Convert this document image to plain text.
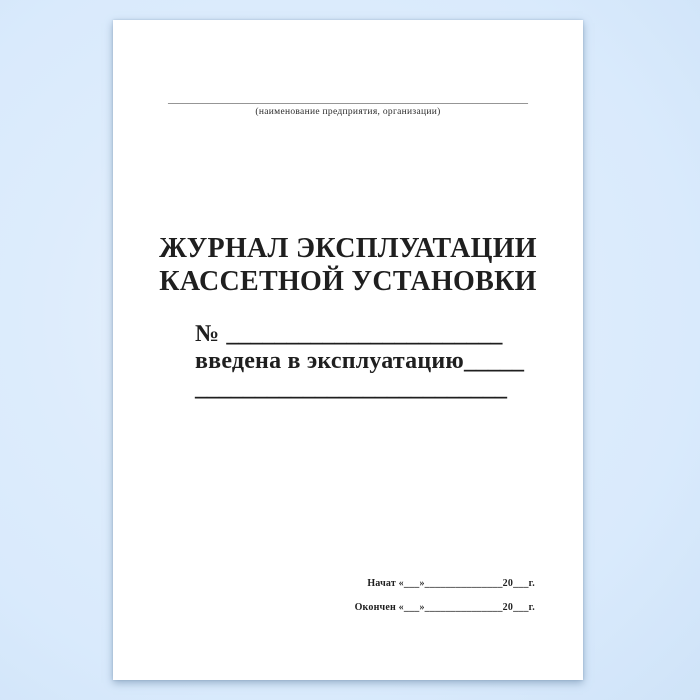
________________________________________________________________________
(наименование предприятия, организации)
ЖУРНАЛ ЭКСПЛУАТАЦИИ
КАССЕТНОЙ УСТАНОВКИ
№ _______________________
введена в эксплуатацию_____
__________________________
Начат «___»_______________20___г.
Окончен «___»_______________20___г.
